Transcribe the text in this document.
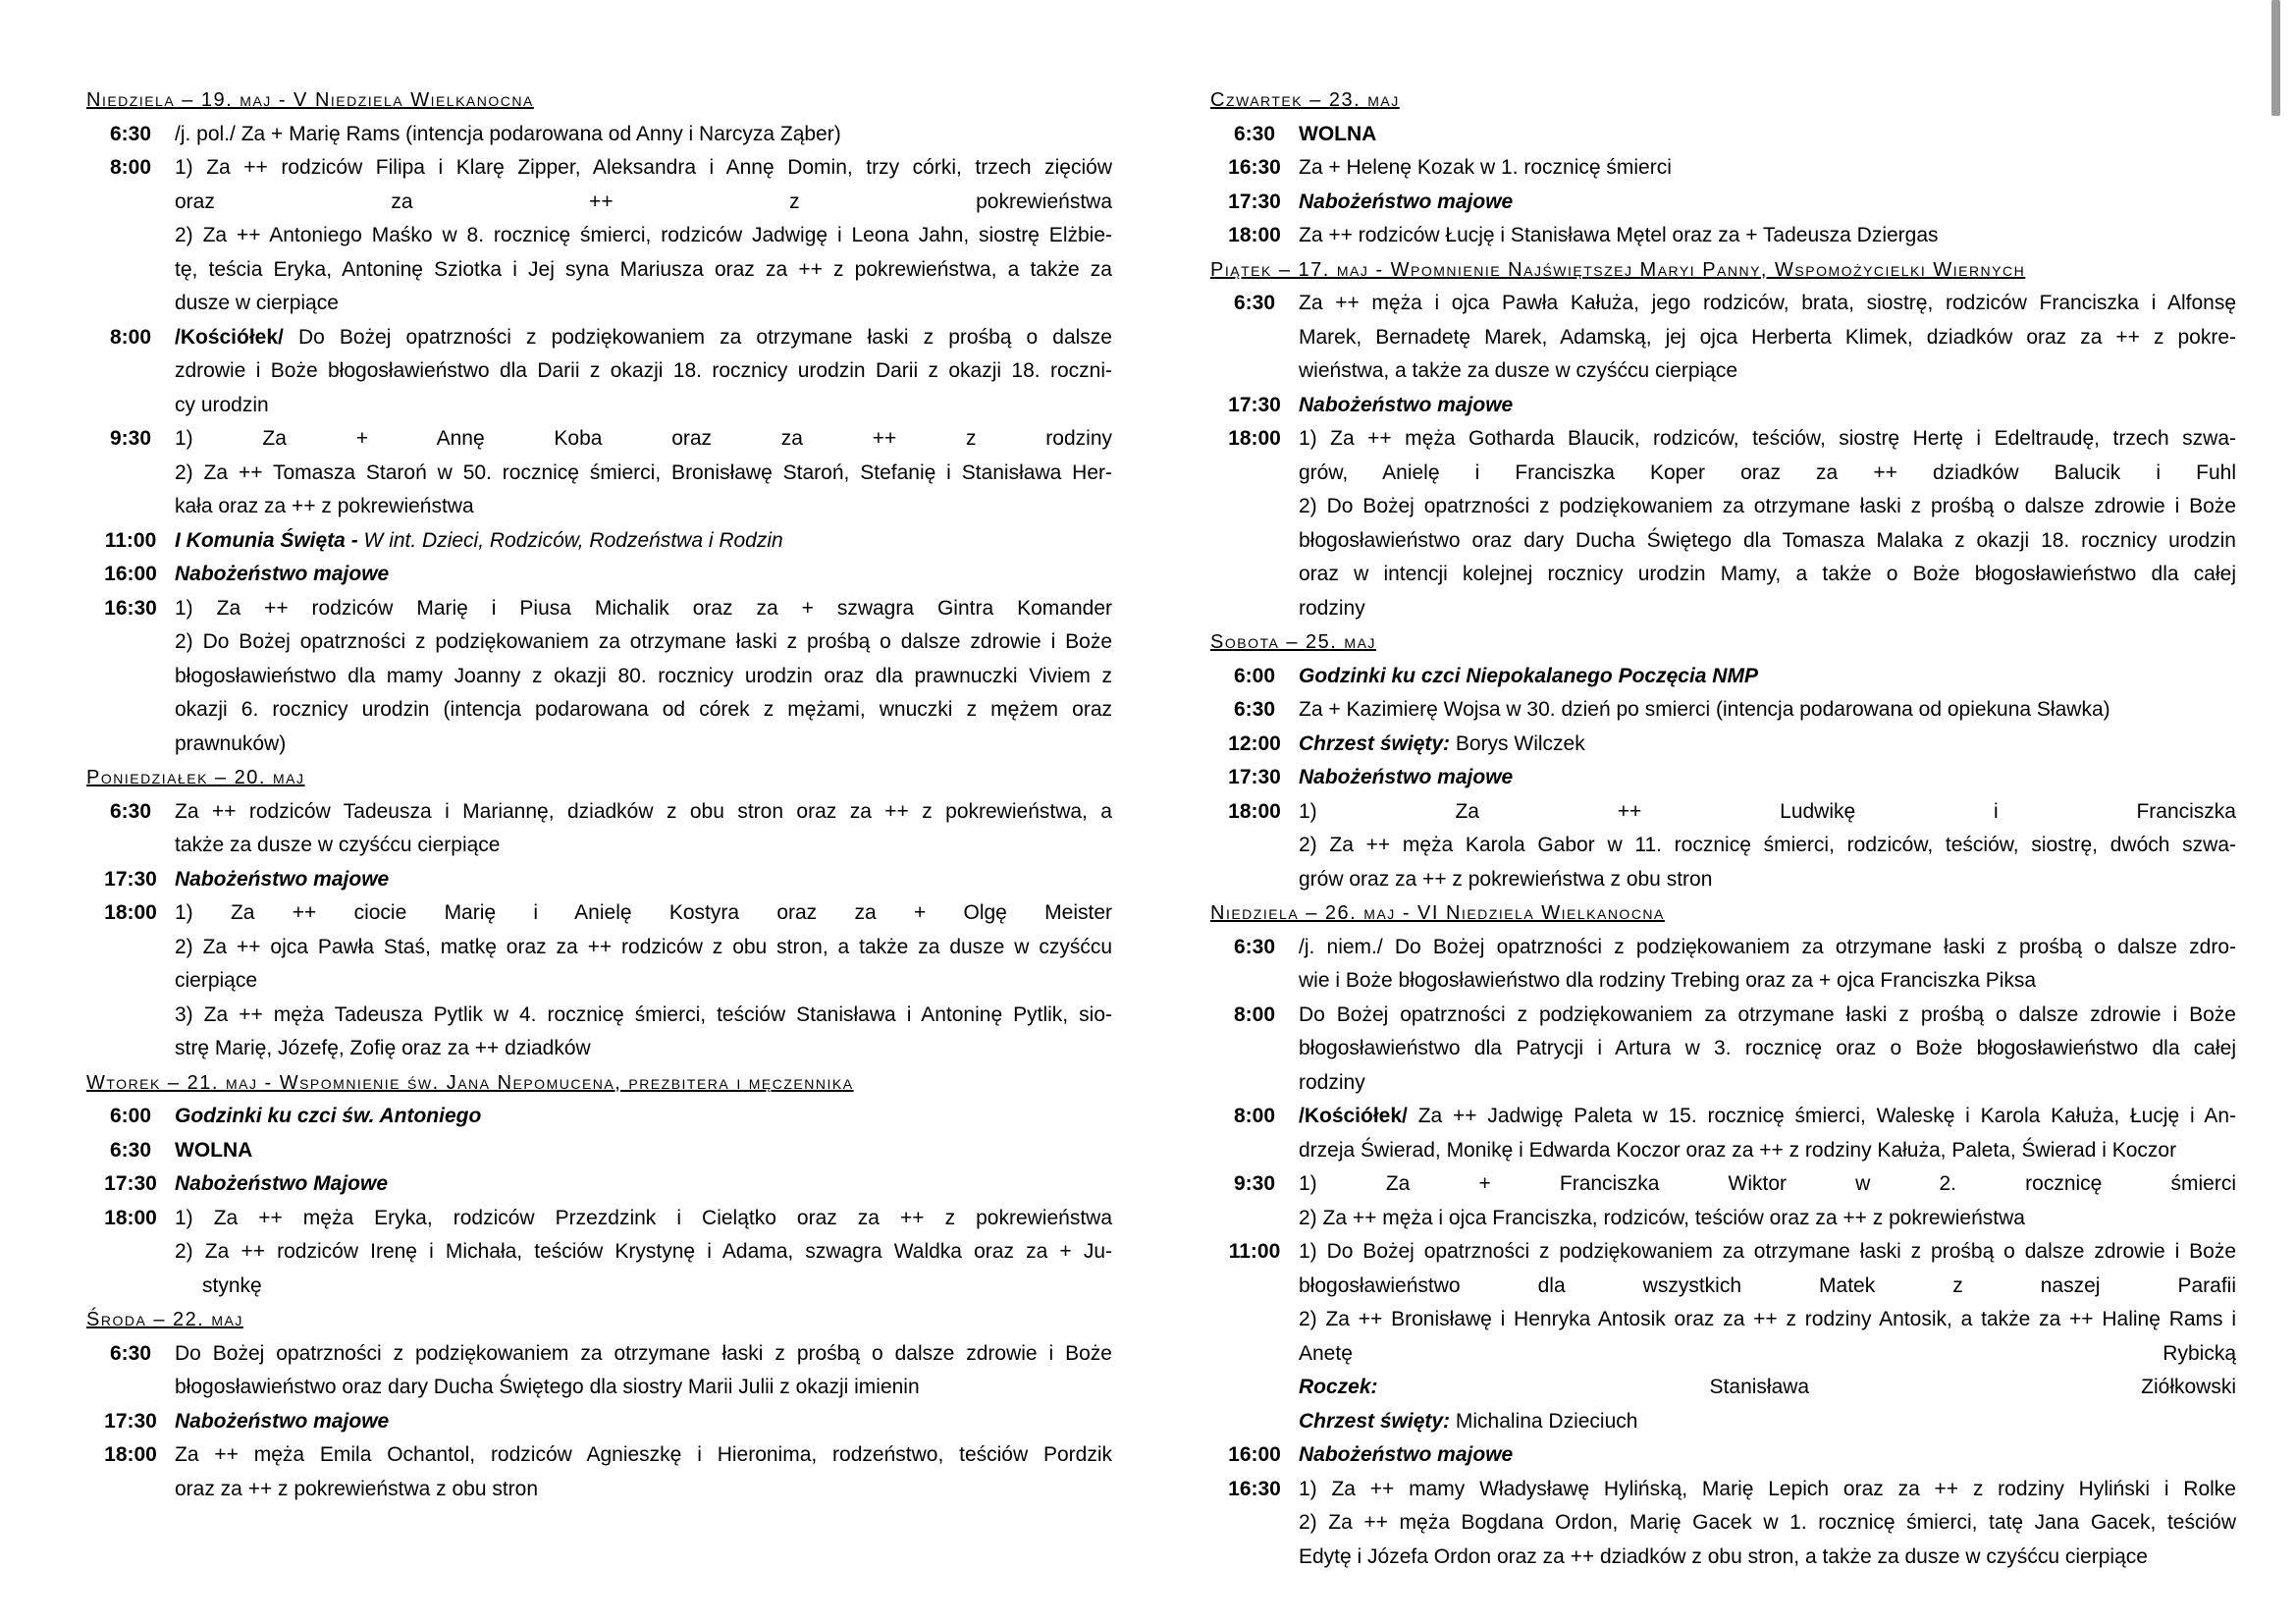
Niedziela – 19. maj - V Niedziela Wielkanocna
6:30	/j. pol./ Za + Marię Rams (intencja podarowana od Anny i Narcyza Ząber)
8:00	1) Za ++ rodziców Filipa i Klarę Zipper, Aleksandra i Annę Domin, trzy córki, trzech zięciów
oraz za ++ z pokrewieństwa
2) Za ++ Antoniego Maśko w 8. rocznicę śmierci, rodziców Jadwigę i Leona Jahn, siostrę Elżbie-
tę, teścia Eryka, Antoninę Sziotka i Jej syna Mariusza oraz za ++ z pokrewieństwa, a także za
dusze w cierpiące
8:00	/Kościółek/ Do Bożej opatrzności z podziękowaniem za otrzymane łaski z prośbą o dalsze
zdrowie i Boże błogosławieństwo dla Darii z okazji 18. rocznicy urodzin Darii z okazji 18. roczni-
cy urodzin
9:30	1) Za + Annę Koba oraz za ++ z rodziny
2) Za ++ Tomasza Staroń w 50. rocznicę śmierci, Bronisławę Staroń, Stefanię i Stanisława Her-
kała oraz za ++ z pokrewieństwa
11:00 I Komunia Święta - W int. Dzieci, Rodziców, Rodzeństwa i Rodzin
16:00 Nabożeństwo majowe
16:30 1) Za ++ rodziców Marię i Piusa Michalik oraz za + szwagra Gintra Komander
2) Do Bożej opatrzności z podziękowaniem za otrzymane łaski z prośbą o dalsze zdrowie i Boże
błogosławieństwo dla mamy Joanny z okazji 80. rocznicy urodzin oraz dla prawnuczki Viviem z
okazji 6. rocznicy urodzin (intencja podarowana od córek z mężami, wnuczki z mężem oraz
prawnuków)
Poniedziałek – 20. maj
6:30	Za ++ rodziców Tadeusza i Mariannę, dziadków z obu stron oraz za ++ z pokrewieństwa, a
także za dusze w czyśćcu cierpiące
17:30 Nabożeństwo majowe
18:00 1) Za ++ ciocie Marię i Anielę Kostyra oraz za + Olgę Meister
2) Za ++ ojca Pawła Staś, matkę oraz za ++ rodziców z obu stron, a także za dusze w czyśćcu
cierpiące
3) Za ++ męża Tadeusza Pytlik w 4. rocznicę śmierci, teściów Stanisława i Antoninę Pytlik, sio-
strę Marię, Józefę, Zofię oraz za ++ dziadków
Wtorek – 21. maj - Wspomnienie św. Jana Nepomucena, prezbitera i męczennika
6:00	Godzinki ku czci św. Antoniego
6:30	WOLNA
17:30 Nabożeństwo Majowe
18:00 1) Za ++ męża Eryka, rodziców Przezdzink i Cielątko oraz za ++ z pokrewieństwa
2) Za ++ rodziców Irenę i Michała, teściów Krystynę i Adama, szwagra Waldka oraz za + Ju-
stynkę
Środa – 22. maj
6:30	Do Bożej opatrzności z podziękowaniem za otrzymane łaski z prośbą o dalsze zdrowie i Boże
błogosławieństwo oraz dary Ducha Świętego dla siostry Marii Julii z okazji imienin
17:30 Nabożeństwo majowe
18:00 Za ++ męża Emila Ochantol, rodziców Agnieszkę i Hieronima, rodzeństwo, teściów Pordzik
oraz za ++ z pokrewieństwa z obu stron
Czwartek – 23. maj
6:30	WOLNA
16:30 Za + Helenę Kozak w 1. rocznicę śmierci
17:30 Nabożeństwo majowe
18:00 Za ++ rodziców Łucję i Stanisława Mętel oraz za + Tadeusza Dziergas
Piątek – 17. maj - Wpomnienie Najświętszej Maryi Panny, Wspomożycielki Wiernych
6:30	Za ++ męża i ojca Pawła Kałuża, jego rodziców, brata, siostrę, rodziców Franciszka i Alfonsę
Marek, Bernadetę Marek, Adamską, jej ojca Herberta Klimek, dziadków oraz za ++ z pokre-
wieństwa, a także za dusze w czyśćcu cierpiące
17:30 Nabożeństwo majowe
18:00 1) Za ++ męża Gotharda Blaucik, rodziców, teściów, siostrę Hertę i Edeltraudę, trzech szwa-
grów, Anielę i Franciszka Koper oraz za ++ dziadków Balucik i Fuhl
2) Do Bożej opatrzności z podziękowaniem za otrzymane łaski z prośbą o dalsze zdrowie i Boże
błogosławieństwo oraz dary Ducha Świętego dla Tomasza Malaka z okazji 18. rocznicy urodzin
oraz w intencji kolejnej rocznicy urodzin Mamy, a także o Boże błogosławieństwo dla całej
rodziny
Sobota – 25. maj
6:00	Godzinki ku czci Niepokalanego Poczęcia NMP
6:30	Za + Kazimierę Wojsa w 30. dzień po smierci (intencja podarowana od opiekuna Sławka)
12:00 Chrzest święty: Borys Wilczek
17:30 Nabożeństwo majowe
18:00 1) Za ++ Ludwikę i Franciszka
2) Za ++ męża Karola Gabor w 11. rocznicę śmierci, rodziców, teściów, siostrę, dwóch szwa-
grów oraz za ++ z pokrewieństwa z obu stron
Niedziela – 26. maj - VI Niedziela Wielkanocna
6:30	/j. niem./ Do Bożej opatrzności z podziękowaniem za otrzymane łaski z prośbą o dalsze zdro-
wie i Boże błogosławieństwo dla rodziny Trebing oraz za + ojca Franciszka Piksa
8:00	Do Bożej opatrzności z podziękowaniem za otrzymane łaski z prośbą o dalsze zdrowie i Boże
błogosławieństwo dla Patrycji i Artura w 3. rocznicę oraz o Boże błogosławieństwo dla całej
rodziny
8:00	/Kościółek/ Za ++ Jadwigę Paleta w 15. rocznicę śmierci, Waleskę i Karola Kałuża, Łucję i An-
drzeja Świerad, Monikę i Edwarda Koczor oraz za ++ z rodziny Kałuża, Paleta, Świerad i Koczor
9:30	1) Za + Franciszka Wiktor w 2. rocznicę śmierci
2) Za ++ męża i ojca Franciszka, rodziców, teściów oraz za ++ z pokrewieństwa
11:00 1) Do Bożej opatrzności z podziękowaniem za otrzymane łaski z prośbą o dalsze zdrowie i Boże
błogosławieństwo dla wszystkich Matek z naszej Parafii
2) Za ++ Bronisławę i Henryka Antosik oraz za ++ z rodziny Antosik, a także za ++ Halinę Rams i
Anetę Rybicką
Roczek: Stanisława Ziółkowski
Chrzest święty: Michalina Dzieciuch
16:00 Nabożeństwo majowe
16:30 1) Za ++ mamy Władysławę Hylińską, Marię Lepich oraz za ++ z rodziny Hyliński i Rolke
2) Za ++ męża Bogdana Ordon, Marię Gacek w 1. rocznicę śmierci, tatę Jana Gacek, teściów
Edytę i Józefa Ordon oraz za ++ dziadków z obu stron, a także za dusze w czyśćcu cierpiące
